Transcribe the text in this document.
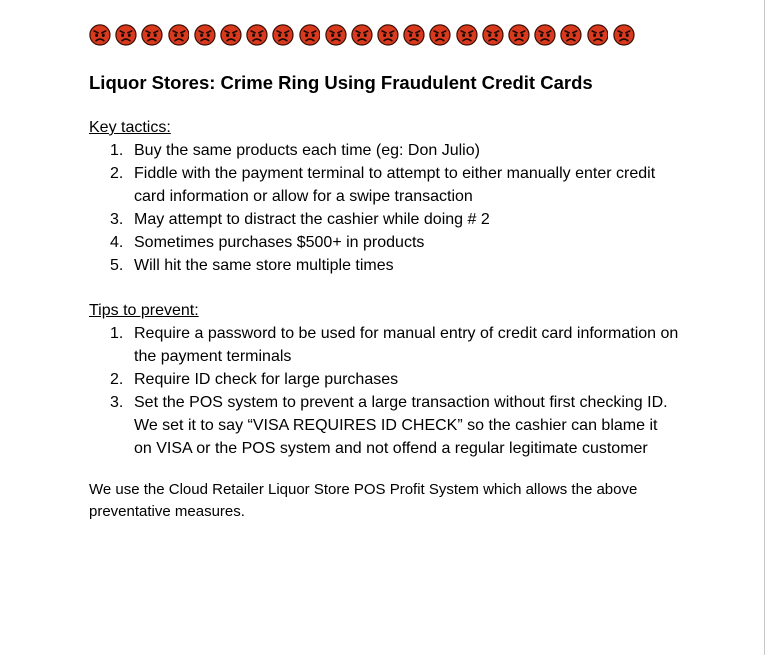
Liquor Stores: Crime Ring Using Fraudulent Credit Cards
Key tactics:
1. Buy the same products each time (eg: Don Julio)
2. Fiddle with the payment terminal to attempt to either manually enter credit card information or allow for a swipe transaction
3. May attempt to distract the cashier while doing # 2
4. Sometimes purchases $500+ in products
5. Will hit the same store multiple times
Tips to prevent:
1. Require a password to be used for manual entry of credit card information on the payment terminals
2. Require ID check for large purchases
3. Set the POS system to prevent a large transaction without first checking ID. We set it to say “VISA REQUIRES ID CHECK” so the cashier can blame it on VISA or the POS system and not offend a regular legitimate customer

We use the Cloud Retailer Liquor Store POS Profit System which allows the above preventative measures.
